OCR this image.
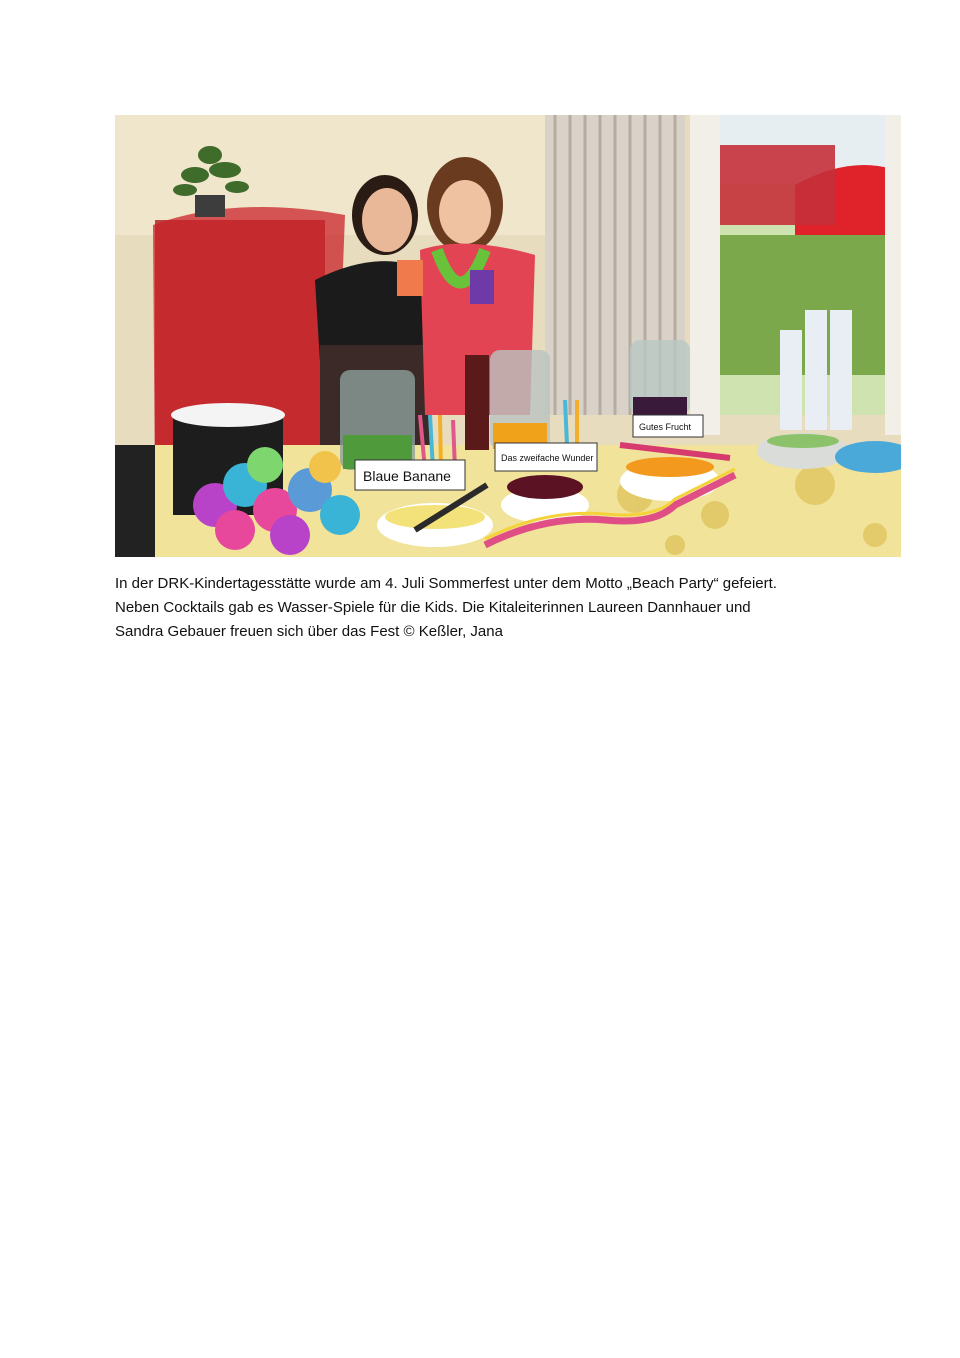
Blaue Banane
Das zweifache Wunder
Gutes Frucht

In der DRK-Kindertagesstätte wurde am 4. Juli Sommerfest unter dem Motto „Beach Party“ gefeiert.

Neben Cocktails gab es Wasser-Spiele für die Kids. Die Kitaleiterinnen Laureen Dannhauer und

Sandra Gebauer freuen sich über das Fest © Keßler, Jana
